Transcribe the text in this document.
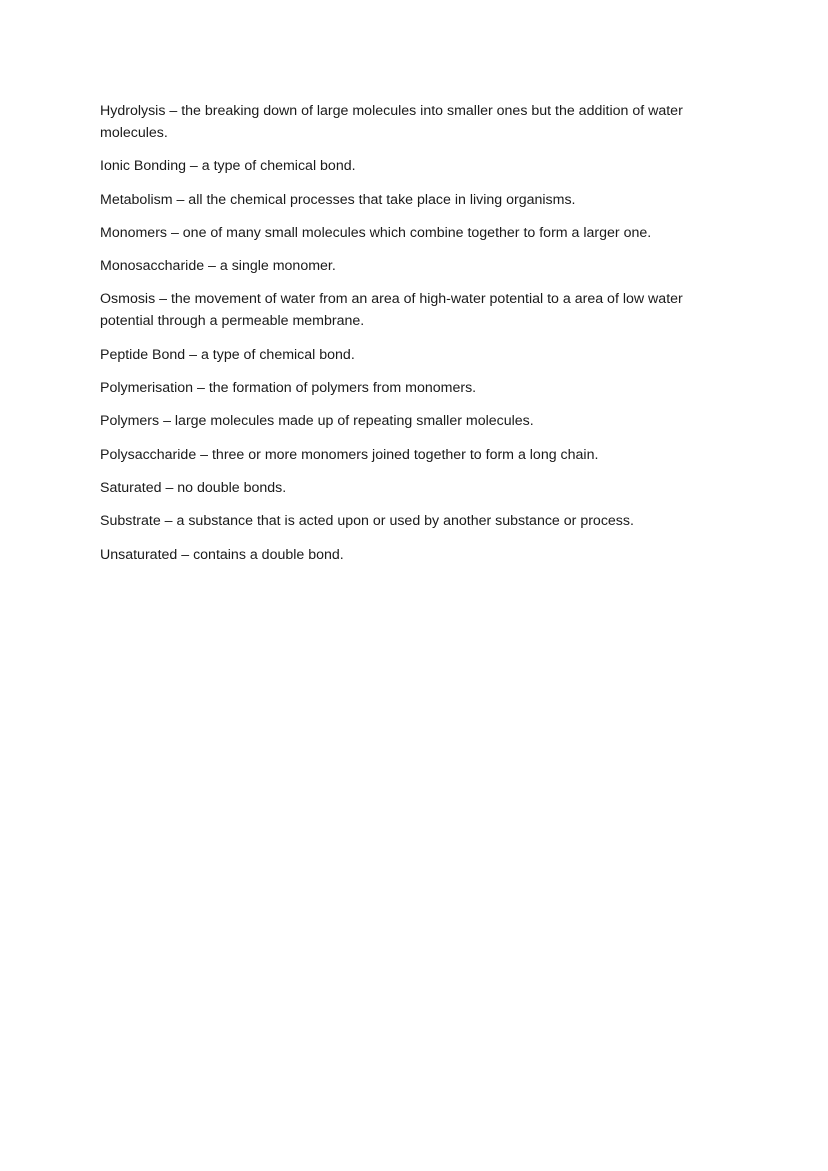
Hydrolysis – the breaking down of large molecules into smaller ones but the addition of water molecules.

Ionic Bonding – a type of chemical bond.

Metabolism – all the chemical processes that take place in living organisms.

Monomers – one of many small molecules which combine together to form a larger one.

Monosaccharide – a single monomer.

Osmosis – the movement of water from an area of high-water potential to a area of low water potential through a permeable membrane.

Peptide Bond – a type of chemical bond.

Polymerisation – the formation of polymers from monomers.

Polymers – large molecules made up of repeating smaller molecules.

Polysaccharide – three or more monomers joined together to form a long chain.

Saturated – no double bonds.

Substrate – a substance that is acted upon or used by another substance or process.

Unsaturated – contains a double bond.
